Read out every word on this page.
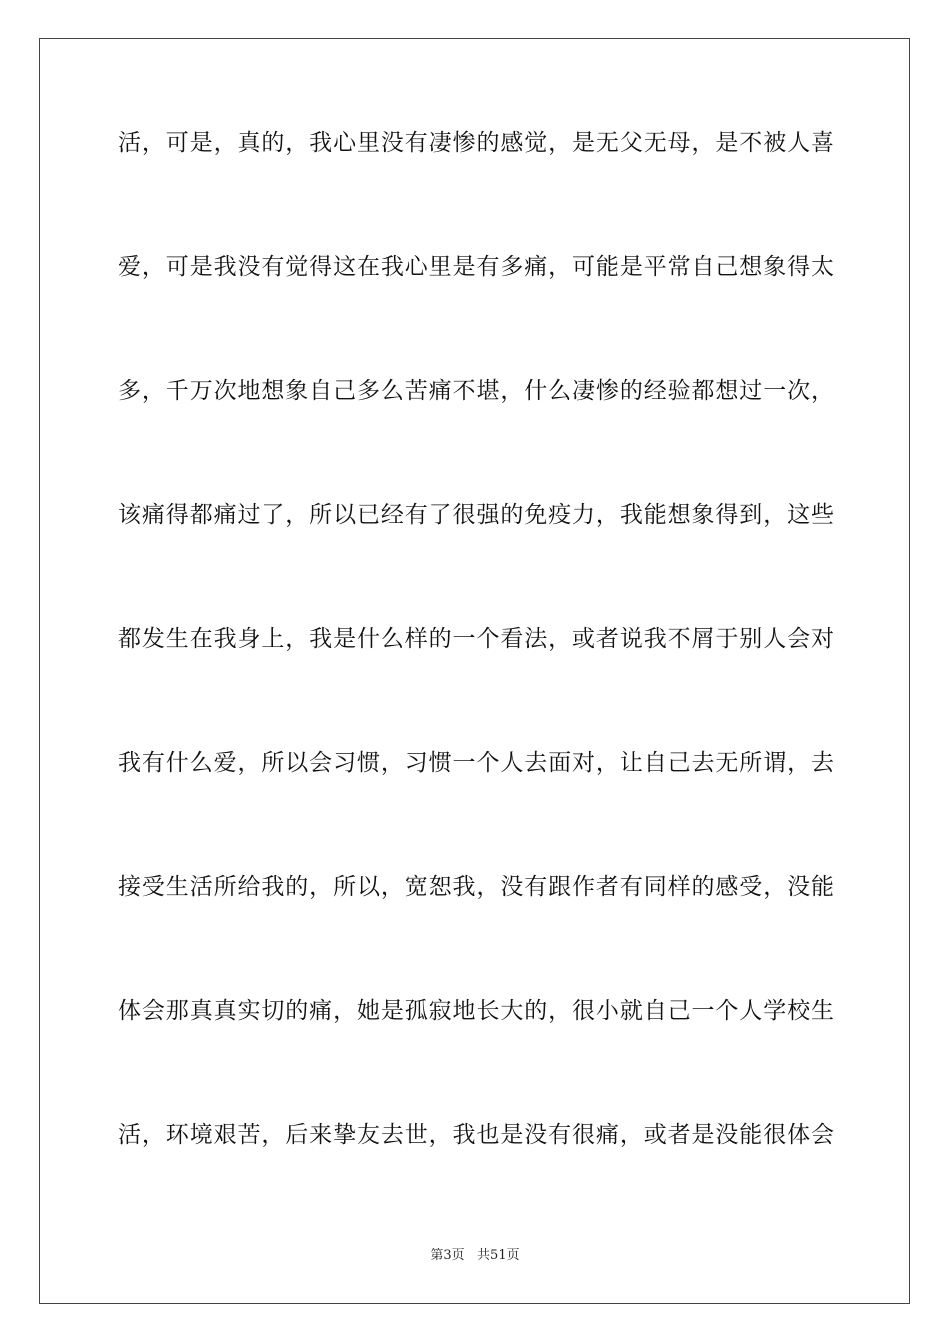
活，可是，真的，我心里没有凄惨的感觉，是无父无母，是不被人喜
爱，可是我没有觉得这在我心里是有多痛，可能是平常自己想象得太
多，千万次地想象自己多么苦痛不堪，什么凄惨的经验都想过一次，
该痛得都痛过了，所以已经有了很强的免疫力，我能想象得到，这些
都发生在我身上，我是什么样的一个看法，或者说我不屑于别人会对
我有什么爱，所以会习惯，习惯一个人去面对，让自己去无所谓，去
接受生活所给我的，所以，宽恕我，没有跟作者有同样的感受，没能
体会那真真实切的痛，她是孤寂地长大的，很小就自己一个人学校生
活，环境艰苦，后来挚友去世，我也是没有很痛，或者是没能很体会
第3页   共51页
